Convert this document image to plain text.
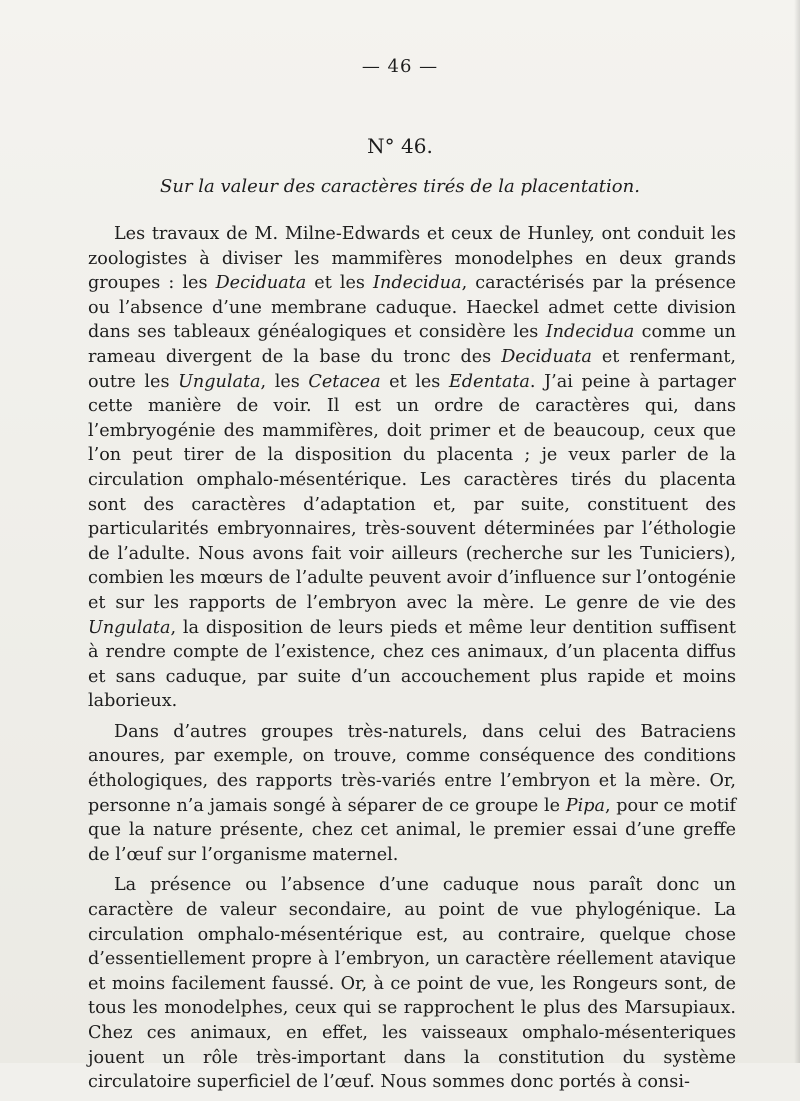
— 46 —
N° 46.
Sur la valeur des caractères tirés de la placentation.

Les travaux de M. Milne-Edwards et ceux de Hunley, ont conduit les zoologistes à diviser les mammifères monodelphes en deux grands groupes : les Deciduata et les Indecidua, caractérisés par la présence ou l’absence d’une membrane caduque. Haeckel admet cette division dans ses tableaux généalogiques et considère les Indecidua comme un rameau divergent de la base du tronc des Deciduata et renfermant, outre les Ungulata, les Cetacea et les Edentata. J’ai peine à partager cette manière de voir. Il est un ordre de caractères qui, dans l’embryogénie des mammifères, doit primer et de beaucoup, ceux que l’on peut tirer de la disposition du placenta ; je veux parler de la circulation omphalo-mésentérique. Les caractères tirés du placenta sont des caractères d’adaptation et, par suite, constituent des particularités embryonnaires, très-souvent déterminées par l’éthologie de l’adulte. Nous avons fait voir ailleurs (recherche sur les Tuniciers), combien les mœurs de l’adulte peuvent avoir d’influence sur l’ontogénie et sur les rapports de l’embryon avec la mère. Le genre de vie des Ungulata, la disposition de leurs pieds et même leur dentition suffisent à rendre compte de l’existence, chez ces animaux, d’un placenta diffus et sans caduque, par suite d’un accouchement plus rapide et moins laborieux.

Dans d’autres groupes très-naturels, dans celui des Batraciens anoures, par exemple, on trouve, comme conséquence des conditions éthologiques, des rapports très-variés entre l’embryon et la mère. Or, personne n’a jamais songé à séparer de ce groupe le Pipa, pour ce motif que la nature présente, chez cet animal, le premier essai d’une greffe de l’œuf sur l’organisme maternel.

La présence ou l’absence d’une caduque nous paraît donc un caractère de valeur secondaire, au point de vue phylogénique. La circulation omphalo-mésentérique est, au contraire, quelque chose d’essentiellement propre à l’embryon, un caractère réellement atavique et moins facilement faussé. Or, à ce point de vue, les Rongeurs sont, de tous les monodelphes, ceux qui se rapprochent le plus des Marsupiaux. Chez ces animaux, en effet, les vaisseaux omphalo-mésenteriques jouent un rôle très-important dans la constitution du système circulatoire superficiel de l’œuf. Nous sommes donc portés à consi-
